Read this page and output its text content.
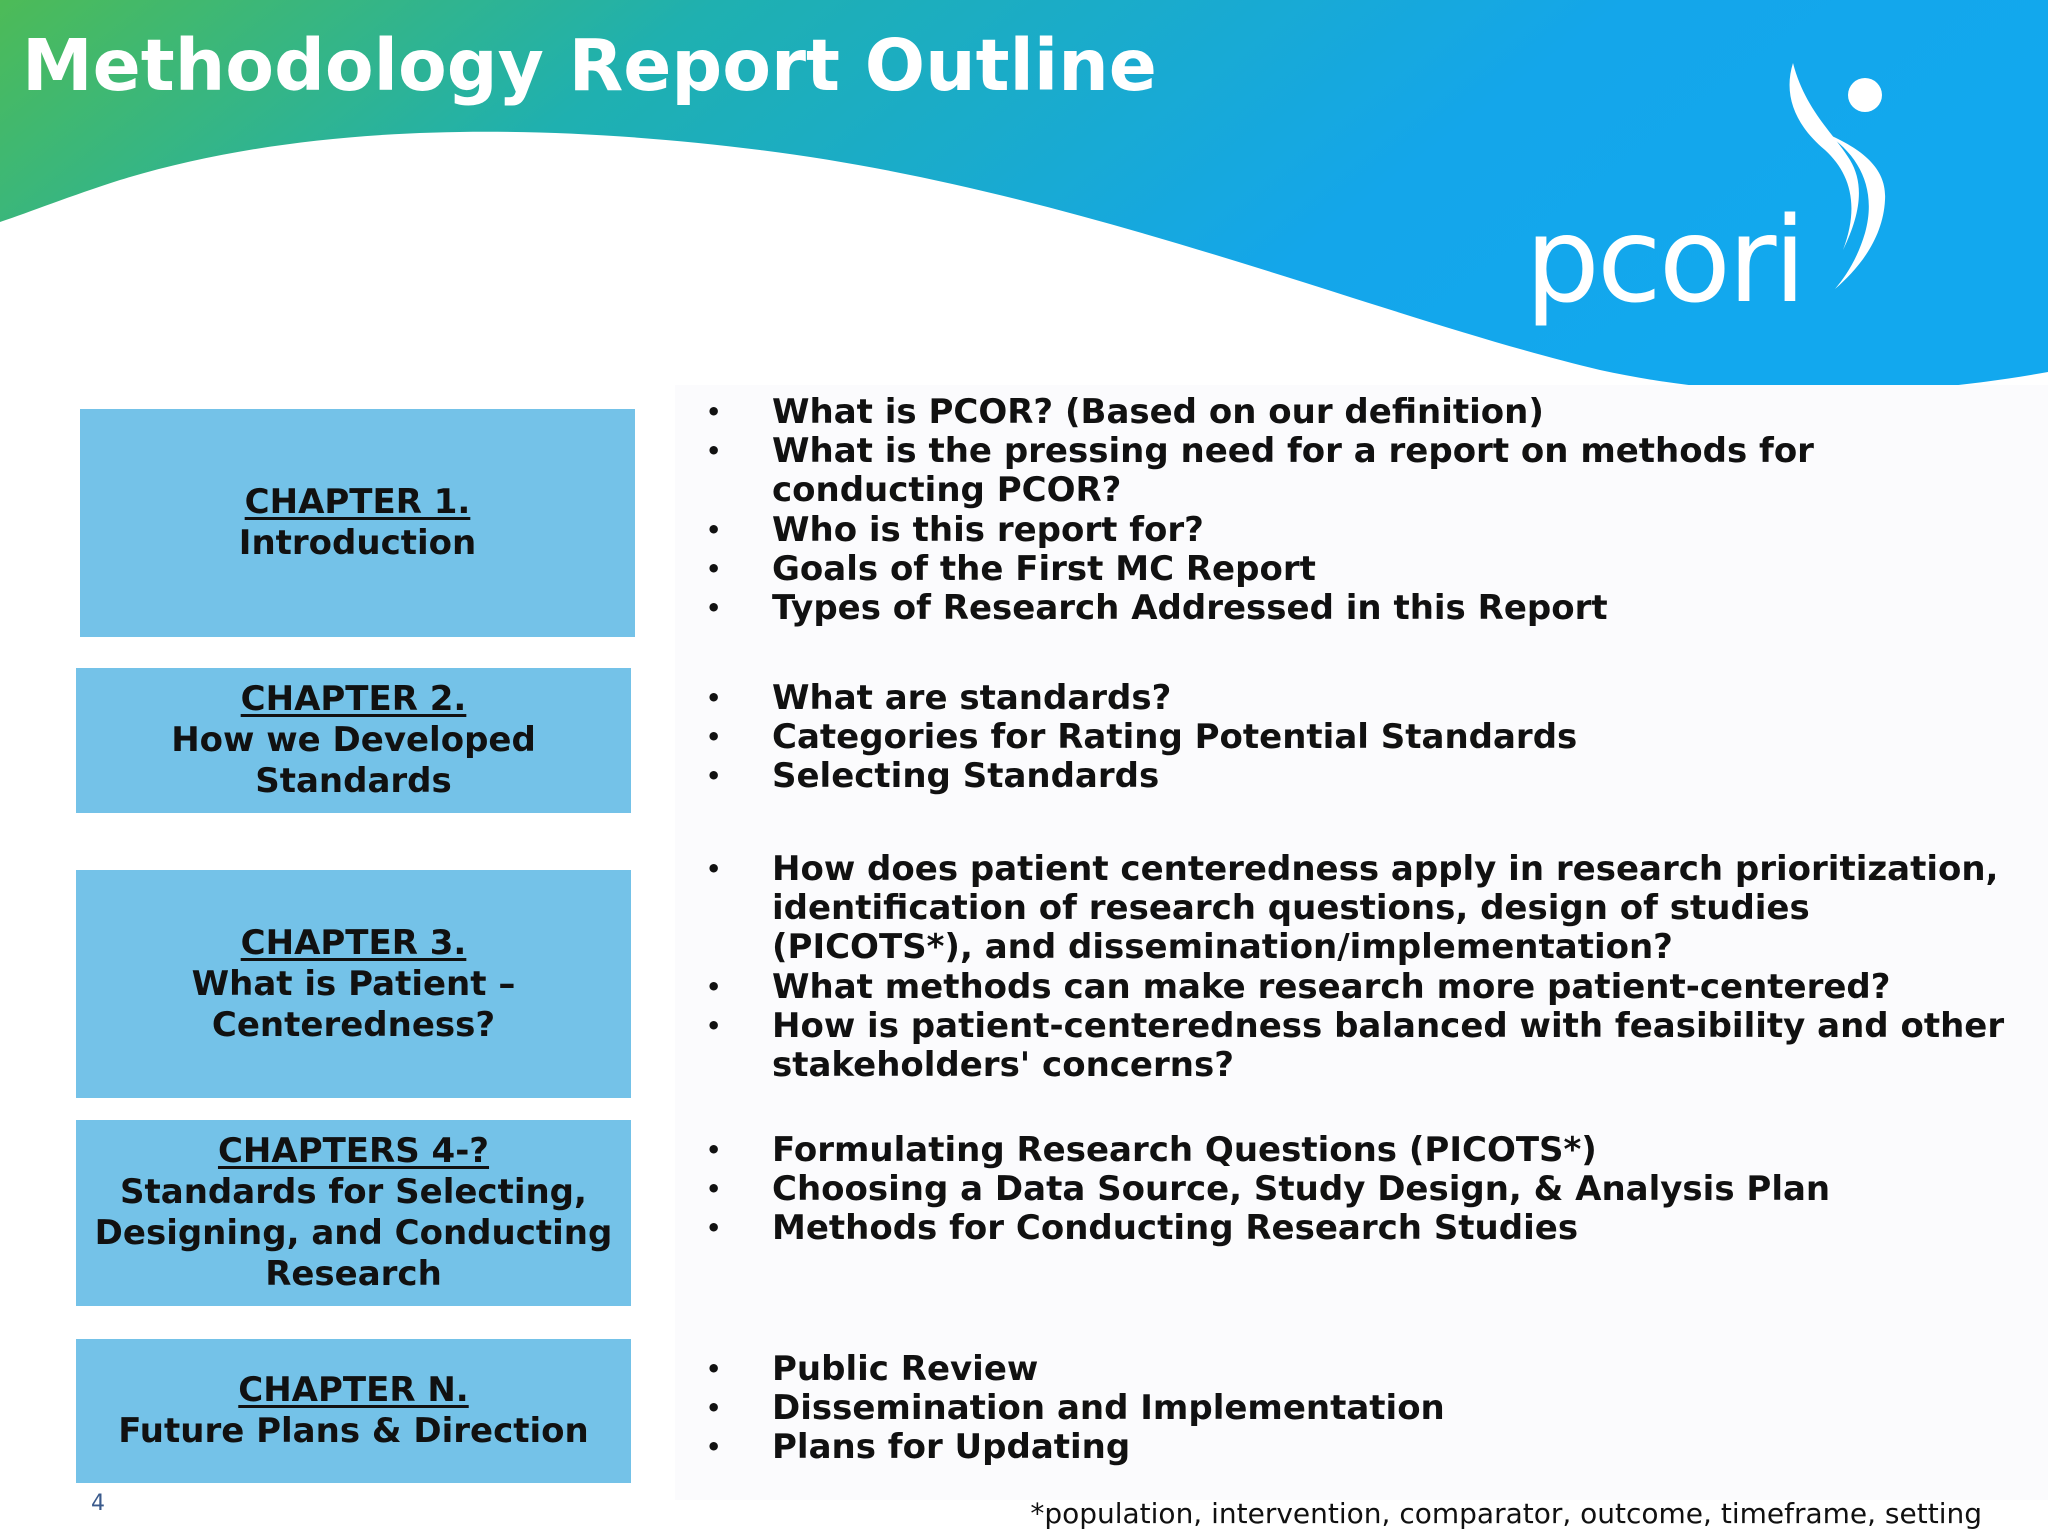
Methodology Report Outline
pcori
CHAPTER 1.
Introduction
CHAPTER 2.
How we Developed
Standards
CHAPTER 3.
What is Patient –
Centeredness?
CHAPTERS 4-?
Standards for Selecting,
Designing, and Conducting
Research
CHAPTER N.
Future Plans & Direction
• What is PCOR? (Based on our definition)
• What is the pressing need for a report on methods for conducting PCOR?
• Who is this report for?
• Goals of the First MC Report
• Types of Research Addressed in this Report
• What are standards?
• Categories for Rating Potential Standards
• Selecting Standards
• How does patient centeredness apply in research prioritization, identification of research questions, design of studies (PICOTS*), and dissemination/implementation?
• What methods can make research more patient-centered?
• How is patient-centeredness balanced with feasibility and other stakeholders' concerns?
• Formulating Research Questions (PICOTS*)
• Choosing a Data Source, Study Design, & Analysis Plan
• Methods for Conducting Research Studies
• Public Review
• Dissemination and Implementation
• Plans for Updating
4	*population, intervention, comparator, outcome, timeframe, setting
